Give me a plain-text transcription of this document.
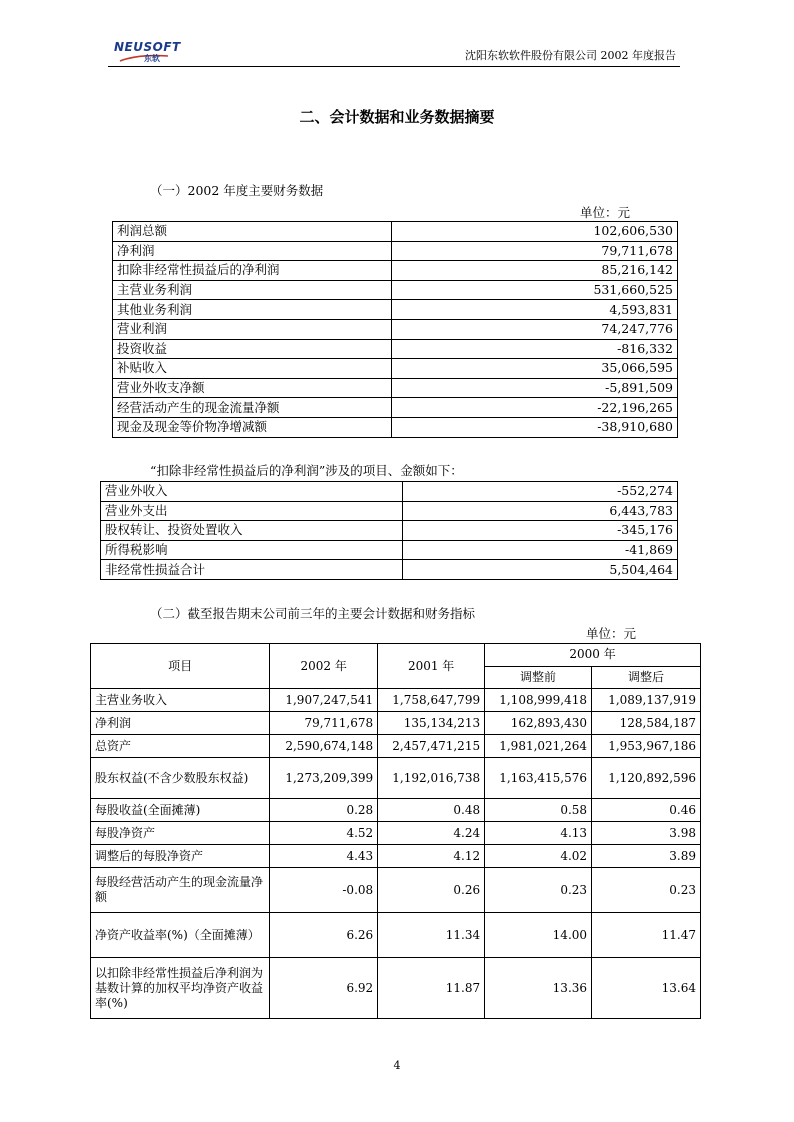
NEUSOFT
东软	沈阳东软软件股份有限公司 2002 年度报告
二、会计数据和业务数据摘要
（一）2002 年度主要财务数据
单位：元
利润总额	102,606,530
净利润	79,711,678
扣除非经常性损益后的净利润	85,216,142
主营业务利润	531,660,525
其他业务利润	4,593,831
营业利润	74,247,776
投资收益	-816,332
补贴收入	35,066,595
营业外收支净额	-5,891,509
经营活动产生的现金流量净额	-22,196,265
现金及现金等价物净增减额	-38,910,680
“扣除非经常性损益后的净利润”涉及的项目、金额如下：
营业外收入	-552,274
营业外支出	6,443,783
股权转让、投资处置收入	-345,176
所得税影响	-41,869
非经常性损益合计	5,504,464
（二）截至报告期末公司前三年的主要会计数据和财务指标
单位：元
项目	2002 年	2001 年	2000 年	
			调整前	调整后
主营业务收入	1,907,247,541	1,758,647,799	1,108,999,418	1,089,137,919
净利润	79,711,678	135,134,213	162,893,430	128,584,187
总资产	2,590,674,148	2,457,471,215	1,981,021,264	1,953,967,186
股东权益(不含少数股东权益)	1,273,209,399	1,192,016,738	1,163,415,576	1,120,892,596
每股收益(全面摊薄)	0.28	0.48	0.58	0.46
每股净资产	4.52	4.24	4.13	3.98
调整后的每股净资产	4.43	4.12	4.02	3.89
每股经营活动产生的现金流量净额	-0.08	0.26	0.23	0.23
净资产收益率(%)（全面摊薄）	6.26	11.34	14.00	11.47
以扣除非经常性损益后净利润为基数计算的加权平均净资产收益率(%)	6.92	11.87	13.36	13.64
4
